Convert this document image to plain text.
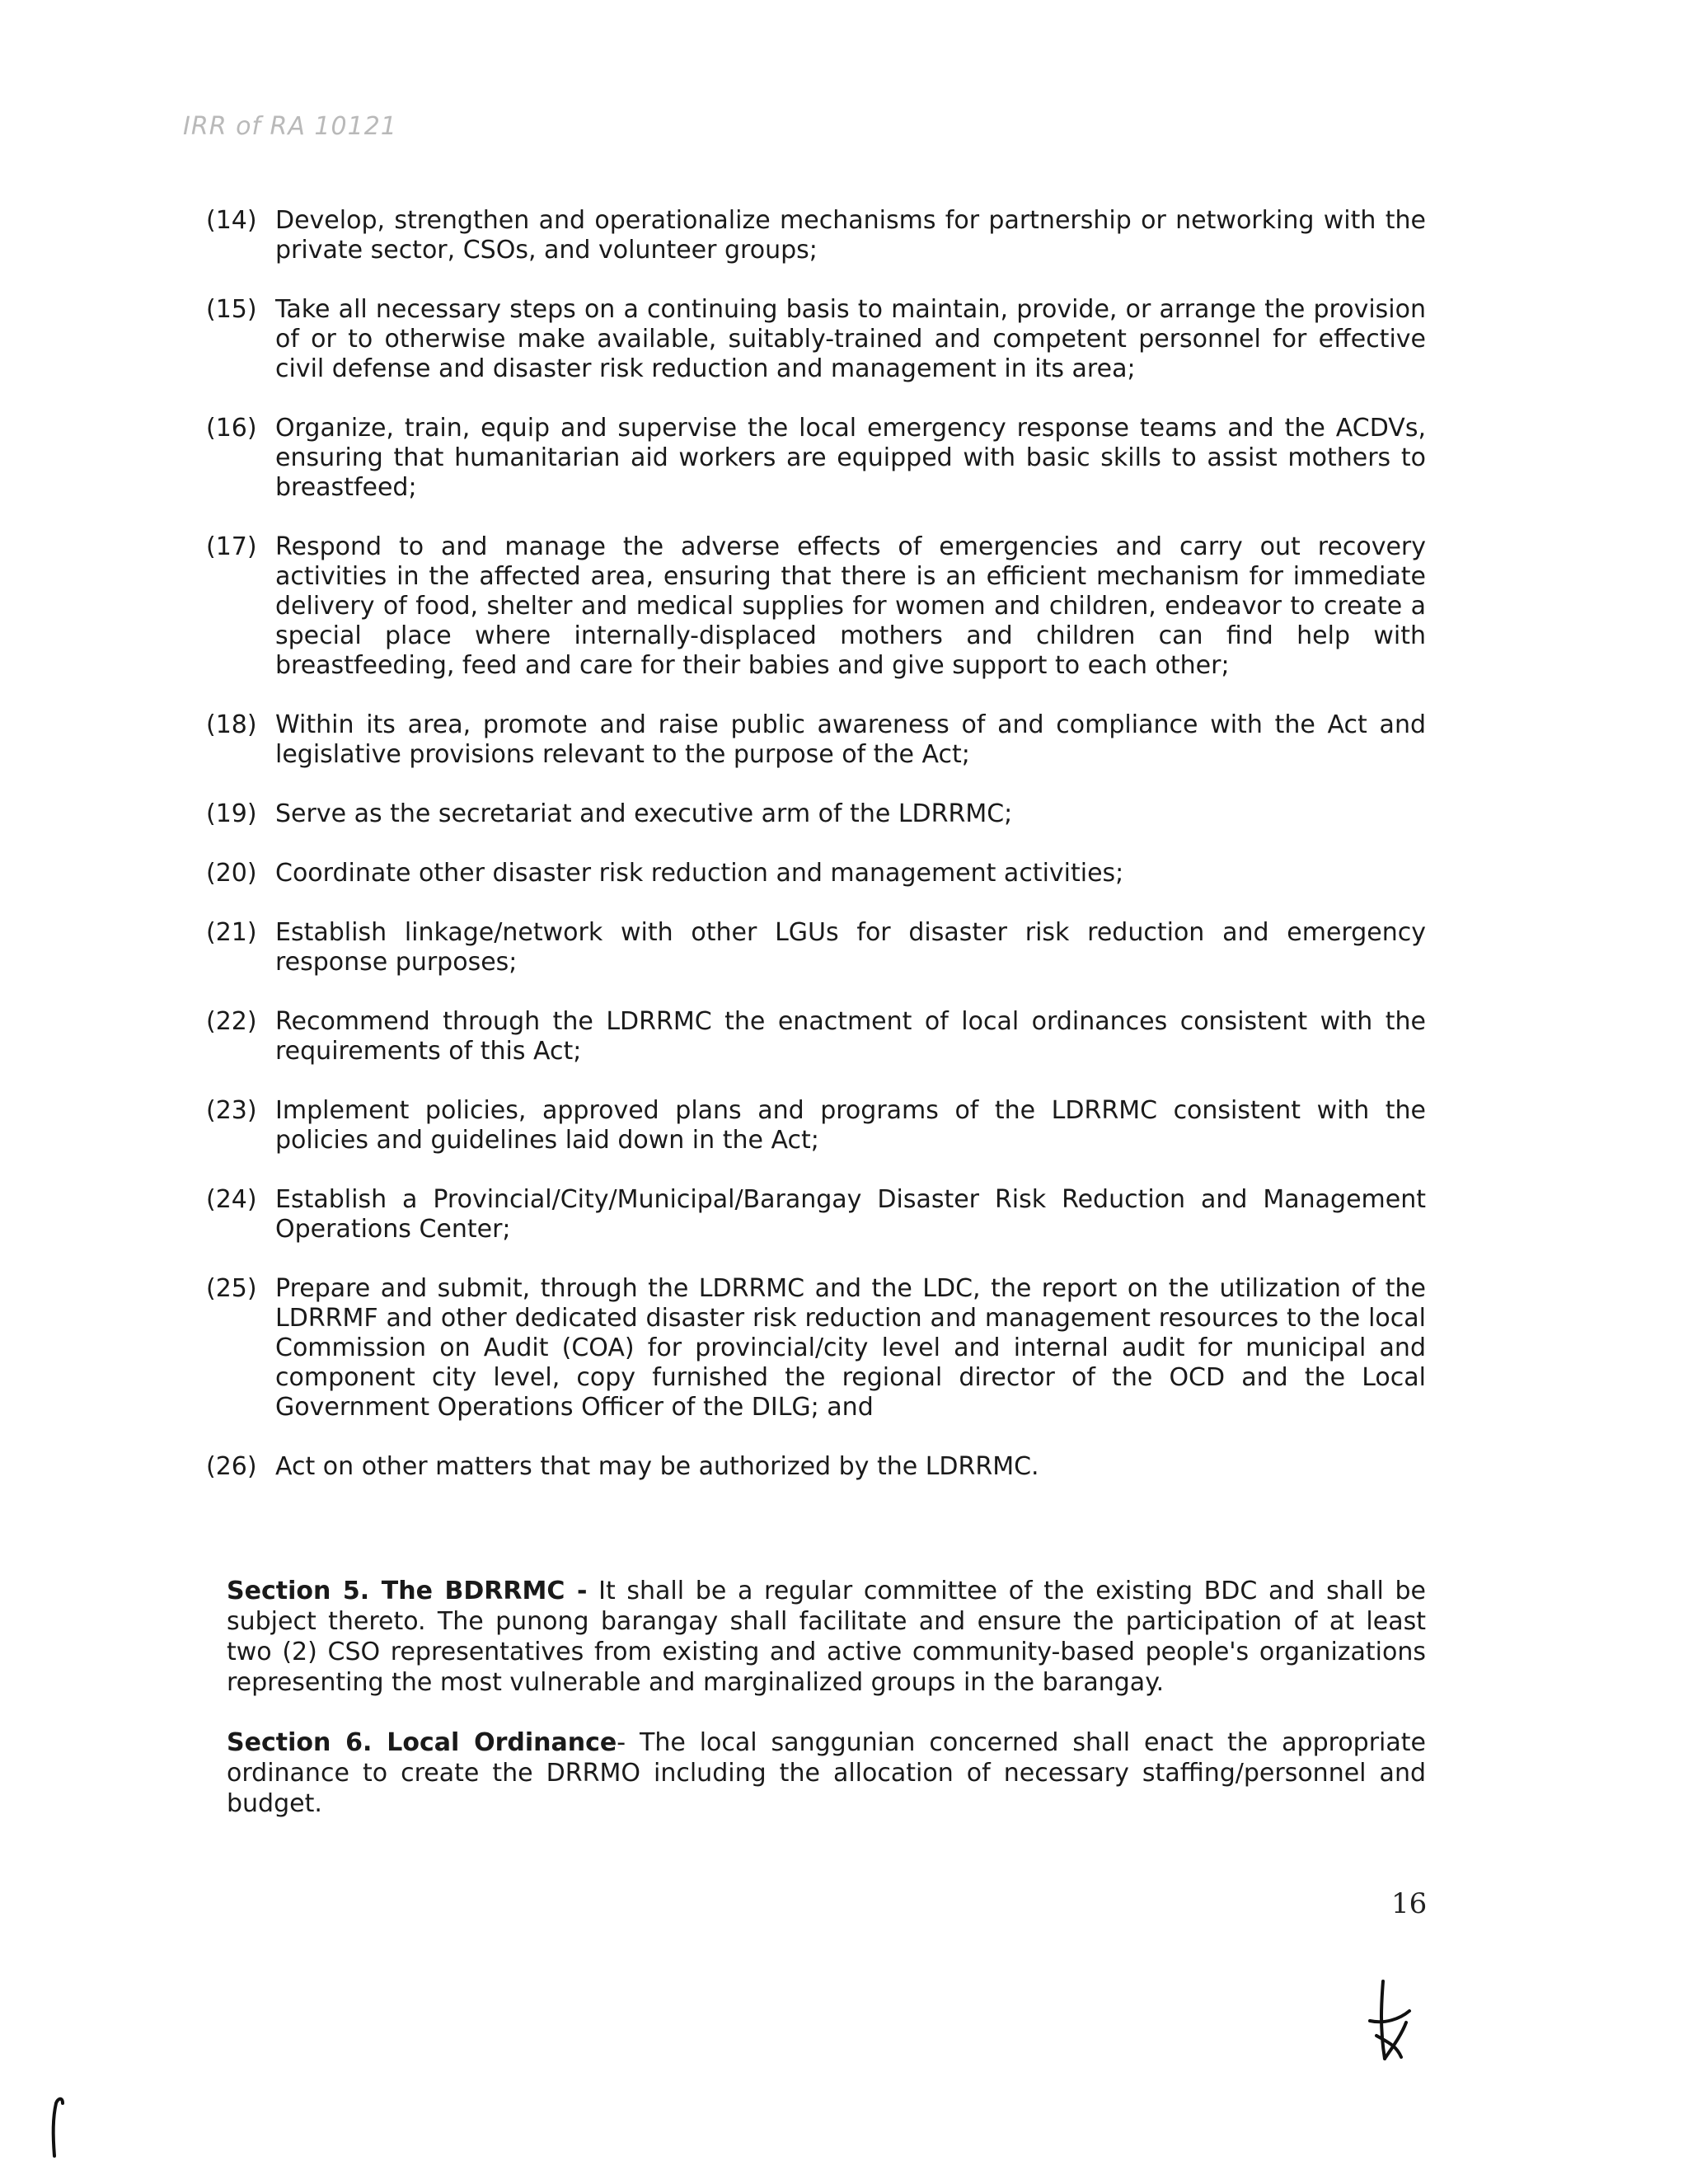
IRR of RA 10121
(14) Develop, strengthen and operationalize mechanisms for partnership or networking with the private sector, CSOs, and volunteer groups;
(15) Take all necessary steps on a continuing basis to maintain, provide, or arrange the provision of or to otherwise make available, suitably-trained and competent personnel for effective civil defense and disaster risk reduction and management in its area;
(16) Organize, train, equip and supervise the local emergency response teams and the ACDVs, ensuring that humanitarian aid workers are equipped with basic skills to assist mothers to breastfeed;
(17) Respond to and manage the adverse effects of emergencies and carry out recovery activities in the affected area, ensuring that there is an efficient mechanism for immediate delivery of food, shelter and medical supplies for women and children, endeavor to create a special place where internally-displaced mothers and children can find help with breastfeeding, feed and care for their babies and give support to each other;
(18) Within its area, promote and raise public awareness of and compliance with the Act and legislative provisions relevant to the purpose of the Act;
(19) Serve as the secretariat and executive arm of the LDRRMC;
(20) Coordinate other disaster risk reduction and management activities;
(21) Establish linkage/network with other LGUs for disaster risk reduction and emergency response purposes;
(22) Recommend through the LDRRMC the enactment of local ordinances consistent with the requirements of this Act;
(23) Implement policies, approved plans and programs of the LDRRMC consistent with the policies and guidelines laid down in the Act;
(24) Establish a Provincial/City/Municipal/Barangay Disaster Risk Reduction and Management Operations Center;
(25) Prepare and submit, through the LDRRMC and the LDC, the report on the utilization of the LDRRMF and other dedicated disaster risk reduction and management resources to the local Commission on Audit (COA) for provincial/city level and internal audit for municipal and component city level, copy furnished the regional director of the OCD and the Local Government Operations Officer of the DILG; and
(26) Act on other matters that may be authorized by the LDRRMC.
Section 5. The BDRRMC - It shall be a regular committee of the existing BDC and shall be subject thereto. The punong barangay shall facilitate and ensure the participation of at least two (2) CSO representatives from existing and active community-based people's organizations representing the most vulnerable and marginalized groups in the barangay.
Section 6. Local Ordinance- The local sanggunian concerned shall enact the appropriate ordinance to create the DRRMO including the allocation of necessary staffing/personnel and budget.
16
